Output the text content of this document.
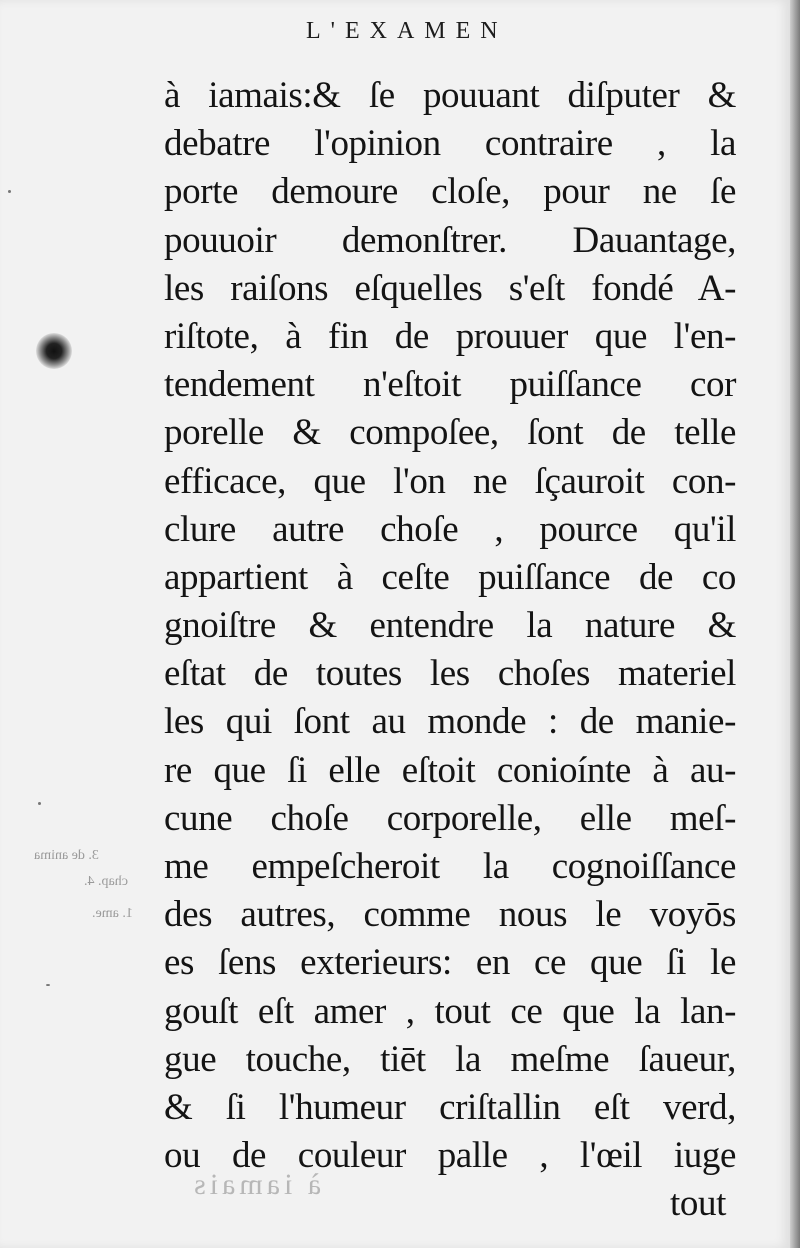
L'EXAMEN
3. de anima
chap. 4.
1. ame.
à iamais:& ſe pouuant diſputer &
debatre l'opinion contraire , la
porte demoure cloſe, pour ne ſe
pouuoir demonſtrer. Dauantage,
les raiſons eſquelles s'eſt fondé A-
riſtote, à fin de prouuer que l'en-
tendement n'eſtoit puiſſance cor
porelle & compoſee, ſont de telle
efficace, que l'on ne ſçauroit con-
clure autre choſe , pource qu'il
appartient à ceſte puiſſance de co
gnoiſtre & entendre la nature &
eſtat de toutes les choſes materiel
les qui ſont au monde : de manie-
re que ſi elle eſtoit conioínte à au-
cune choſe corporelle, elle meſ-
me empeſcheroit la cognoiſſance
des autres, comme nous le voyōs
es ſens exterieurs: en ce que ſi le
gouſt eſt amer , tout ce que la lan-
gue touche, tiēt la meſme ſaueur,
& ſi l'humeur criſtallin eſt verd,
ou de couleur palle , l'œil iuge
tout
à iamais
